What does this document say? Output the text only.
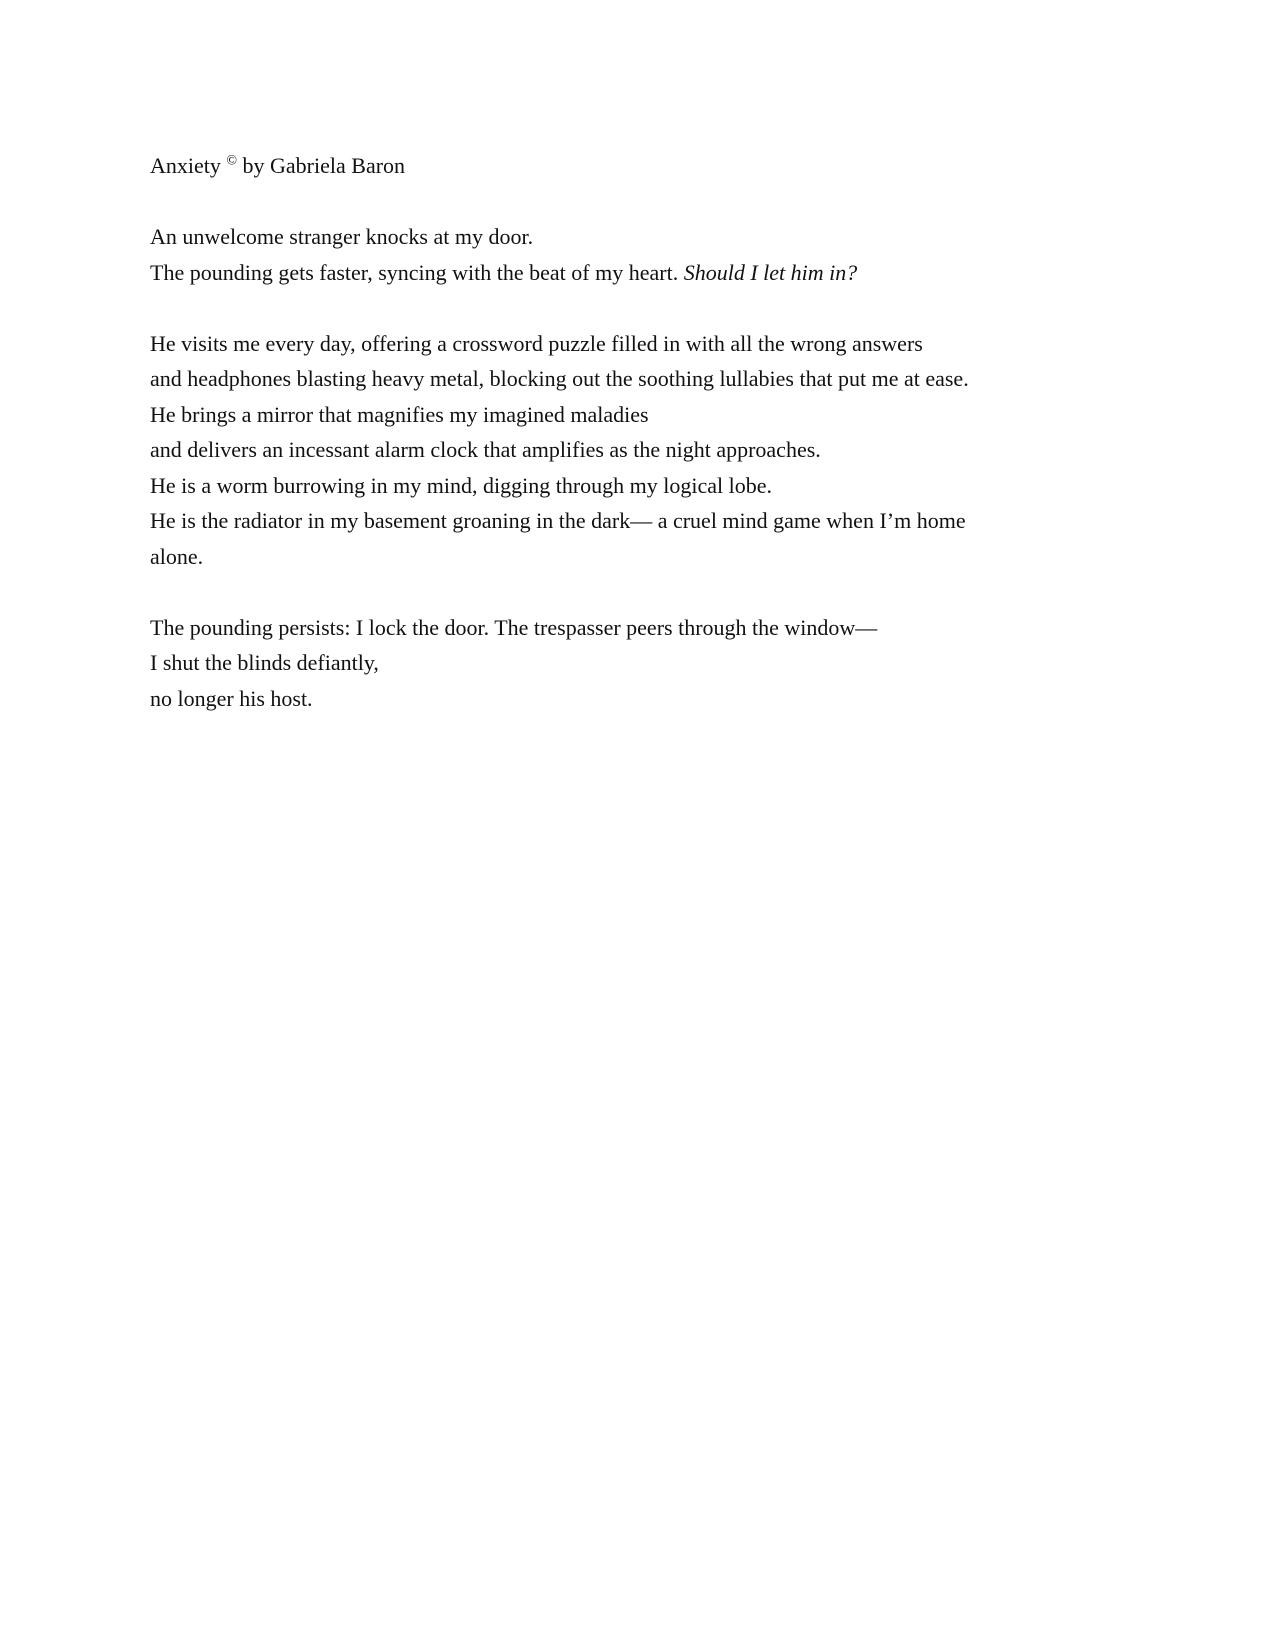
Anxiety © by Gabriela Baron

An unwelcome stranger knocks at my door.
The pounding gets faster, syncing with the beat of my heart. Should I let him in?
He visits me every day, offering a crossword puzzle filled in with all the wrong answers
and headphones blasting heavy metal, blocking out the soothing lullabies that put me at ease.
He brings a mirror that magnifies my imagined maladies
and delivers an incessant alarm clock that amplifies as the night approaches.
He is a worm burrowing in my mind, digging through my logical lobe.
He is the radiator in my basement groaning in the dark— a cruel mind game when I’m home
alone.
The pounding persists: I lock the door. The trespasser peers through the window—
I shut the blinds defiantly,
no longer his host.
